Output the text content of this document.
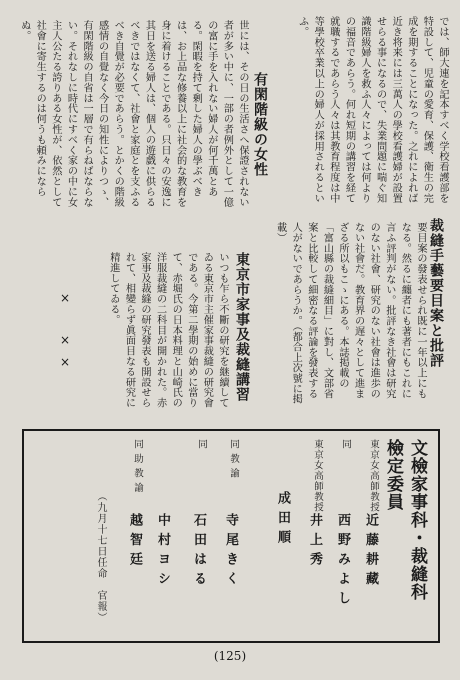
では、師大連を記本すべく学校看護部を特設して、児童の愛育、保護、衛生の完成を期することになった。之れによれば近き将来には三萬人の學校看護婦が設置せらる事になるので、失業問題に喘ぐ知識階級婦人を救ふ人々によっては何よりの福音であらう。何れ短期の講習を経て就職するであらう人々は其教育程度は中等學校卒業以上の婦人が採用されるといふ。
有閑階級の女性
世には、その日の生活さへ保證されない者が多い中に、一部の者例外として一億の富に手を入れない婦人が何千萬とある。閑暇を持て剰した婦人の學ぶべきは、お上品な修養以上に社会的な教育を身に着けることである。只日々の安逸に其日を送る婦人は、個人の遊戯に供らるべきではなくて、社會と家庭とを支ふるべき自覺が必要であらう。とかくの階級感情の自覺なく今日の知性によりつゝ、有閑階級の自省は一層で有らねばならない。それなしに時代にすべく家の中に女主人公たる誇りある女性が、依然として社會に寄生するのは何うも頼みにならぬ。
裁縫手藝要目案と批評
要目案の發表せられ既に一年以上にもなる。然るに纏者にも著者にもこれに言ふ評判がない。批評なき社會は研究のない社會、研究のない社會は進歩のない社會だ。教育界の遅々として進まざる所以もこゝにある。本誌掲載の「富山縣の裁縫細目」に對し、文部省案と比較して細密なる評論を發表する人がないであらうか。（都合上次號に掲載）
東京市家事及裁縫講習
いつも乍ら不斷の研究を継續してゐる東京市主催家事裁縫の研究會である。今第二學期の始めに當りて、赤堀氏の日本料理と山崎氏の洋服裁縫の二科目が開かれた。赤家事及裁縫の研究發表も開設せられて、相變らず眞面目なる研究に精進してゐる。
×
×
×
文檢家事科・裁縫科
檢定委員
東京女高師教授
近 藤 耕 藏
同
西 野 み よ し
東京女高師教授
井 上 秀
同 教 諭
成 田 順
寺 尾 き く
同
石 田 は る
同 助 教 諭
中 村 ヨ シ
越 智 廷
（九月十七日任命　官報）
(125)
